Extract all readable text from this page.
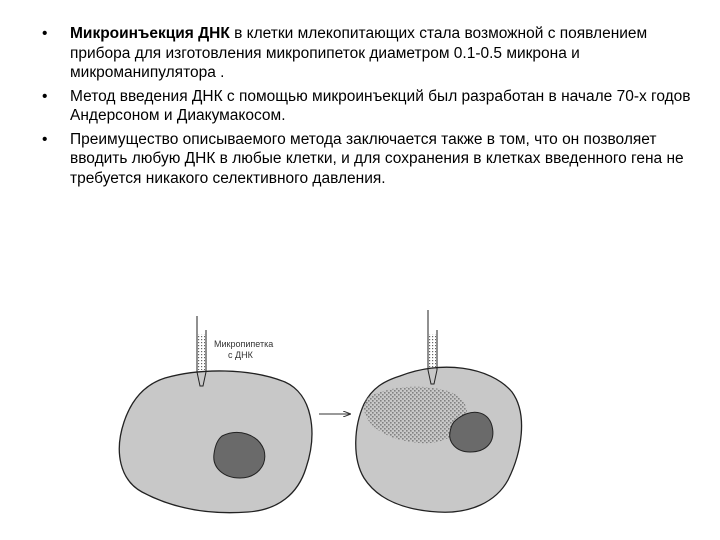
• Микроинъекция ДНК в клетки млекопитающих стала возможной с появлением прибора для изготовления микропипеток диаметром 0.1-0.5 микрона и микроманипулятора .
• Метод введения ДНК с помощью микроинъекций был разработан в начале 70-х годов Андерсоном и Диакумакосом.
• Преимущество описываемого метода заключается также в том, что он позволяет вводить любую ДНК в любые клетки, и для сохранения в клетках введенного гена не требуется никакого селективного давления.
Микропипетка
с ДНК
